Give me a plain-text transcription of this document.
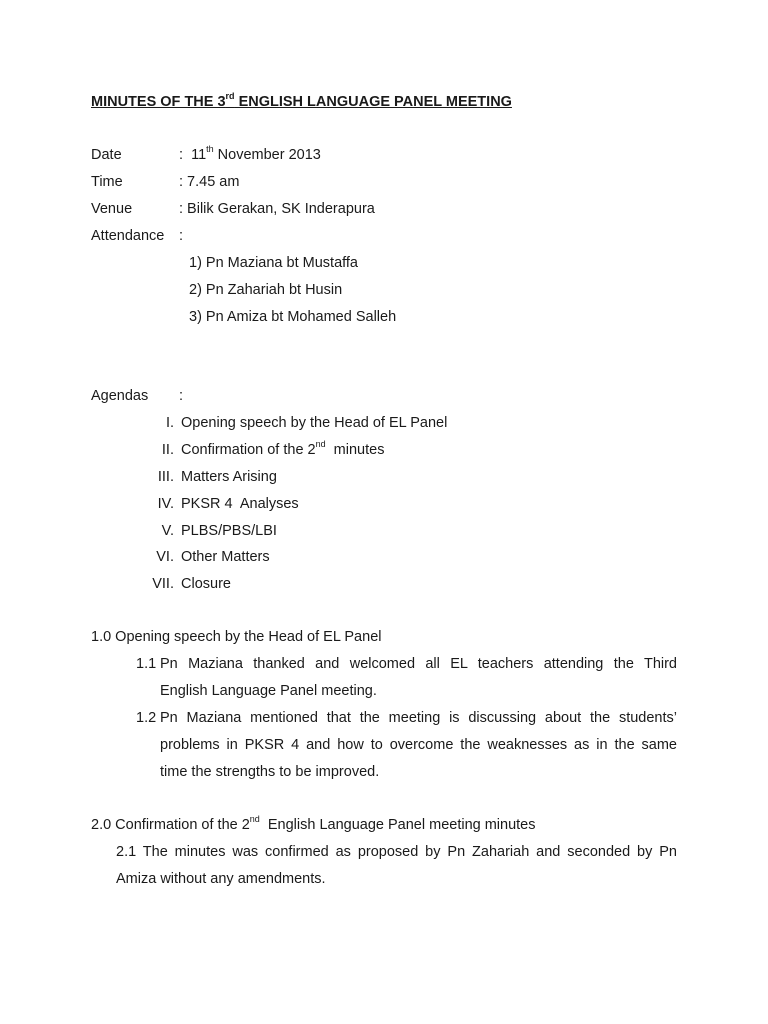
MINUTES OF THE 3rd ENGLISH LANGUAGE PANEL MEETING
Date	:  11th November 2013
Time	: 7.45 am
Venue	: Bilik Gerakan, SK Inderapura
Attendance :
1) Pn Maziana bt Mustaffa
2) Pn Zahariah bt Husin
3) Pn Amiza bt Mohamed Salleh
Agendas :
I. Opening speech by the Head of EL Panel
II. Confirmation of the 2nd  minutes
III. Matters Arising
IV. PKSR 4  Analyses
V. PLBS/PBS/LBI
VI. Other Matters
VII. Closure
1.0 Opening speech by the Head of EL Panel
1.1 Pn Maziana thanked and welcomed all EL teachers attending the Third
English Language Panel meeting.
1.2 Pn Maziana mentioned that the meeting is discussing about the students’
problems in PKSR 4 and how to overcome the weaknesses as in the same
time the strengths to be improved.
2.0 Confirmation of the 2nd  English Language Panel meeting minutes
2.1 The minutes was confirmed as proposed by Pn Zahariah and seconded by Pn
Amiza without any amendments.
